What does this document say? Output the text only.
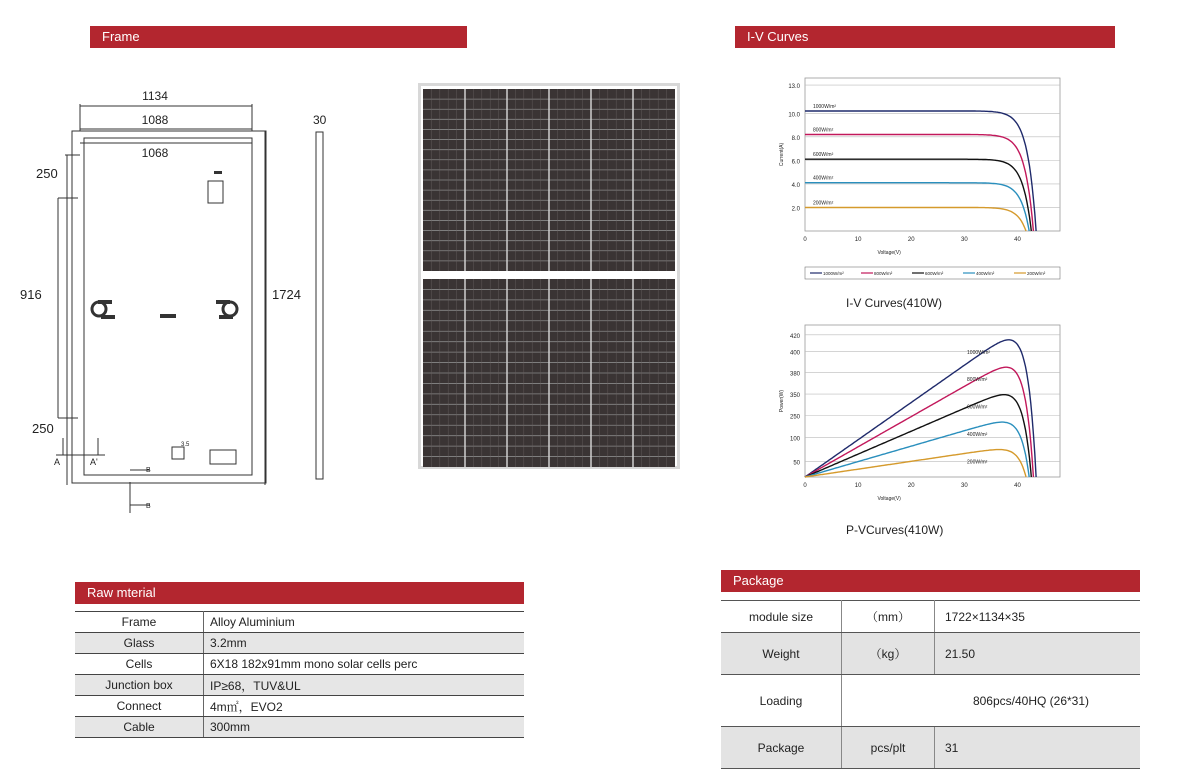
Frame	I-V Curves
1134
1088
1068
250
916
250
1724
30
A	A'
3.5
B
B
2.0
4.0
6.0
8.0
10.0
13.0
0	10	20	30	40
Voltage(V)
Current(A)
1000W/m²
800W/m²
600W/m²
400W/m²
200W/m²
1000W/m²	800W/m²	600W/m²	400W/m²	200W/m²
I-V Curves(410W)
50
100
250
350
380
400
420
0	10	20	30	40
Voltage(V)
Power(W)
1000W/m²
800W/m²
600W/m²
400W/m²
200W/m²
P-VCurves(410W)
Raw mterial
Frame	Alloy Aluminium
Glass	3.2mm
Cells	6X18 182x91mm mono solar cells perc
Junction box	IP≥68，TUV&UL
Connect	4m㎡，EVO2
Cable	300mm
Package
module size	（mm）	1722×1134×35
Weight	（kg）	21.50
Loading	806pcs/40HQ (26*31)	
Package	pcs/plt	31
